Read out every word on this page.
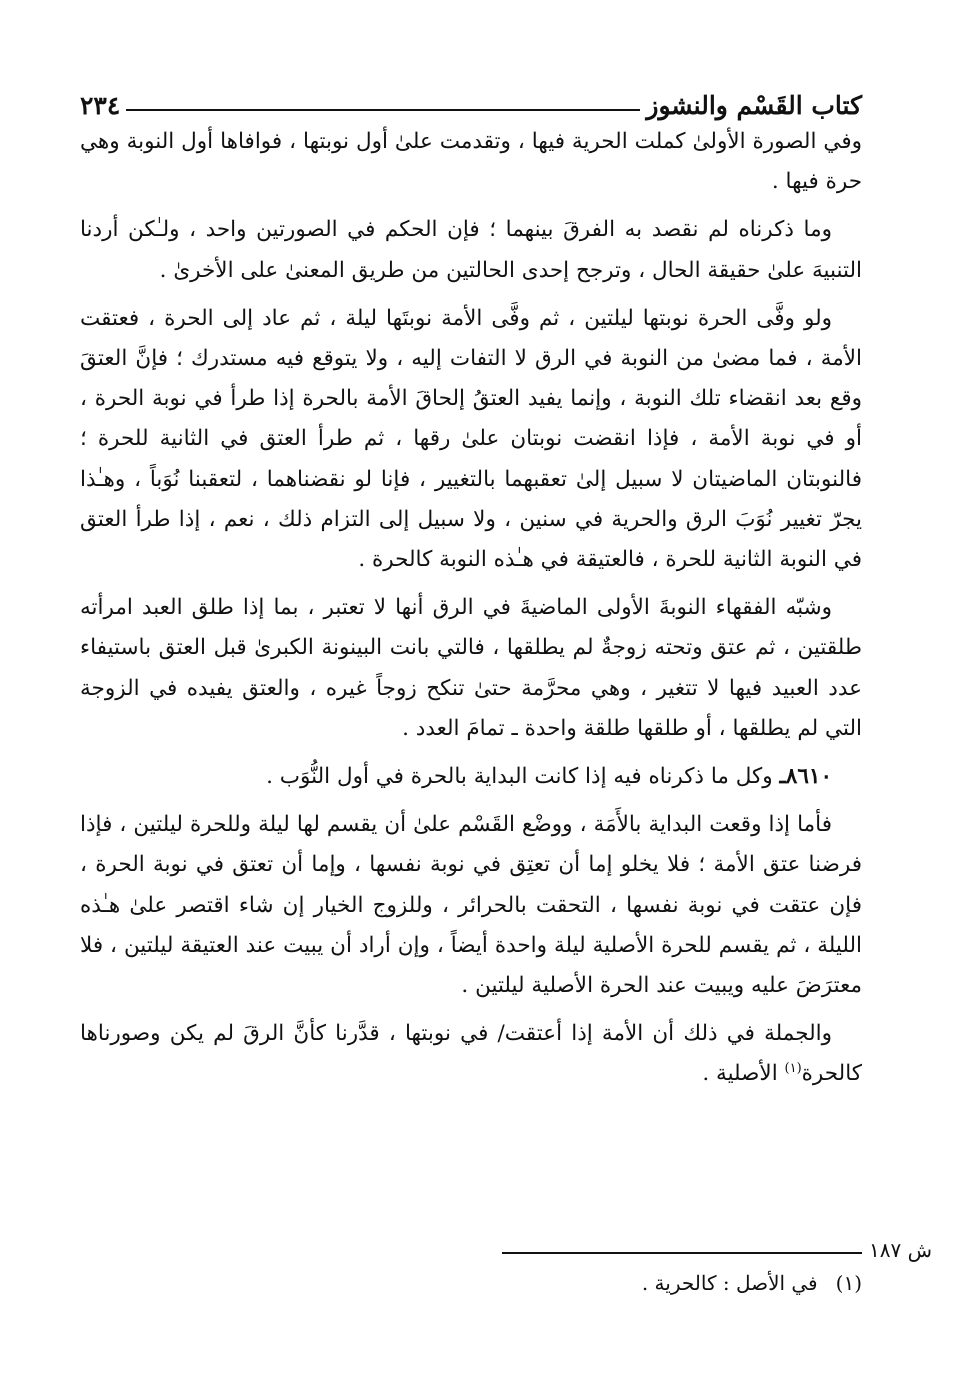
كتاب القَسْم والنشوز
٢٣٤

وفي الصورة الأولىٰ كملت الحرية فيها ، وتقدمت علىٰ أول نوبتها ، فوافاها أول النوبة وهي حرة فيها .

وما ذكرناه لم نقصد به الفرقَ بينهما ؛ فإن الحكم في الصورتين واحد ، ولـٰكن أردنا التنبيهَ علىٰ حقيقة الحال ، وترجح إحدى الحالتين من طريق المعنىٰ على الأخرىٰ .

ولو وفَّى الحرة نوبتها ليلتين ، ثم وفَّى الأمة نوبتَها ليلة ، ثم عاد إلى الحرة ، فعتقت الأمة ، فما مضىٰ من النوبة في الرق لا التفات إليه ، ولا يتوقع فيه مستدرك ؛ فإنَّ العتقَ وقع بعد انقضاء تلك النوبة ، وإنما يفيد العتقُ إلحاقَ الأمة بالحرة إذا طرأ في نوبة الحرة ، أو في نوبة الأمة ، فإذا انقضت نوبتان علىٰ رقها ، ثم طرأ العتق في الثانية للحرة ؛ فالنوبتان الماضيتان لا سبيل إلىٰ تعقبهما بالتغيير ، فإنا لو نقضناهما ، لتعقبنا نُوَباً ، وهـٰذا يجرّ تغيير نُوَبَ الرق والحرية في سنين ، ولا سبيل إلى التزام ذلك ، نعم ، إذا طرأ العتق في النوبة الثانية للحرة ، فالعتيقة في هـٰذه النوبة كالحرة .

وشبّه الفقهاء النوبةَ الأولى الماضيةَ في الرق أنها لا تعتبر ، بما إذا طلق العبد امرأته طلقتين ، ثم عتق وتحته زوجةٌ لم يطلقها ، فالتي بانت البينونة الكبرىٰ قبل العتق باستيفاء عدد العبيد فيها لا تتغير ، وهي محرَّمة حتىٰ تنكح زوجاً غيره ، والعتق يفيده في الزوجة التي لم يطلقها ، أو طلقها طلقة واحدة ـ تمامَ العدد .

٨٦١٠ـ وكل ما ذكرناه فيه إذا كانت البداية بالحرة في أول النُّوَب .

فأما إذا وقعت البداية بالأَمَة ، ووضْع القَسْم علىٰ أن يقسم لها ليلة وللحرة ليلتين ، فإذا فرضنا عتق الأمة ؛ فلا يخلو إما أن تعتِق في نوبة نفسها ، وإما أن تعتق في نوبة الحرة ، فإن عتقت في نوبة نفسها ، التحقت بالحرائر ، وللزوج الخيار إن شاء اقتصر علىٰ هـٰذه الليلة ، ثم يقسم للحرة الأصلية ليلة واحدة أيضاً ، وإن أراد أن يبيت عند العتيقة ليلتين ، فلا معترَضَ عليه ويبيت عند الحرة الأصلية ليلتين .

والجملة في ذلك أن الأمة إذا أعتقت/ في نوبتها ، قدَّرنا كأنَّ الرقَ لم يكن وصورناها كالحرة$^{(١)}$ الأصلية .

ش ١٨٧
(١)في الأصل : كالحرية .
